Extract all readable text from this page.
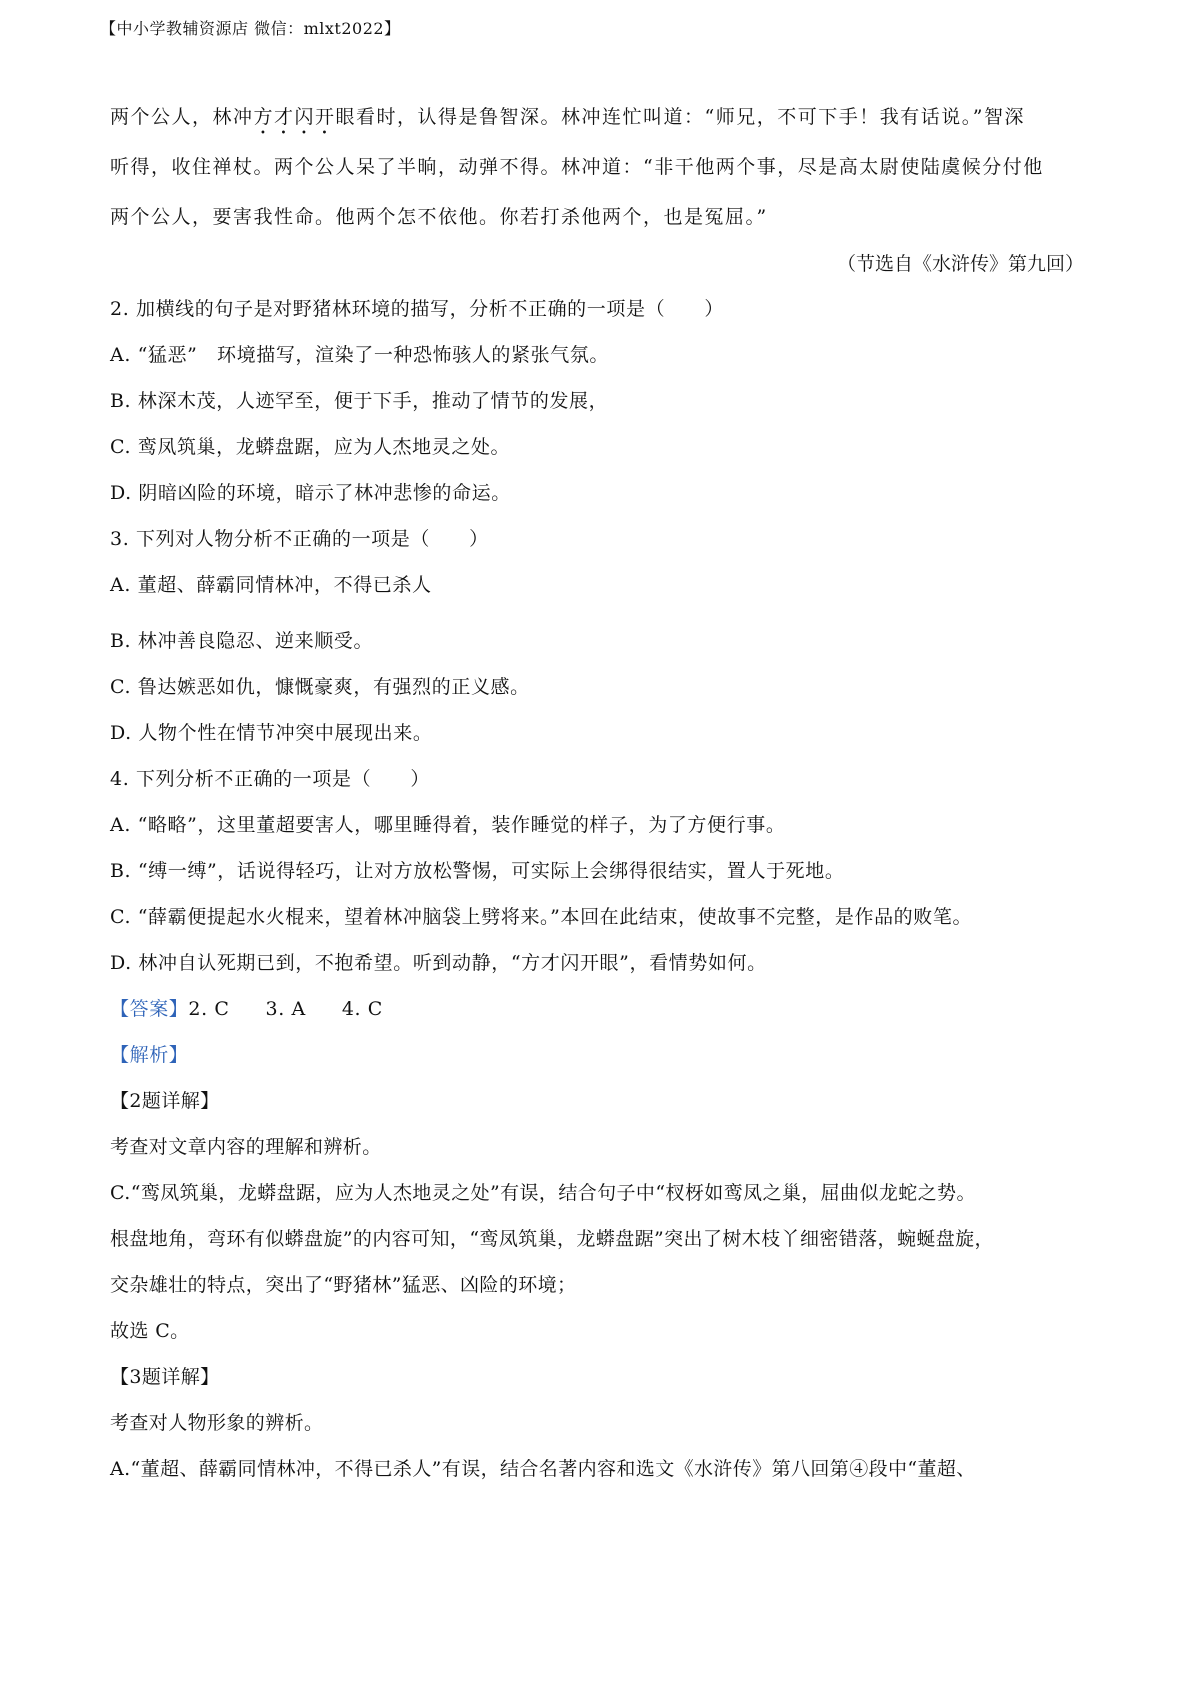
【中小学教辅资源店 微信：mlxt2022】

两个公人，林冲方才闪开眼看时，认得是鲁智深。林冲连忙叫道：“师兄，不可下手！我有话说。”智深

听得，收住禅杖。两个公人呆了半晌，动弹不得。林冲道：“非干他两个事，尽是高太尉使陆虞候分付他

两个公人，要害我性命。他两个怎不依他。你若打杀他两个，也是冤屈。”

（节选自《水浒传》第九回）

2. 加横线的句子是对野猪林环境的描写，分析不正确的一项是（　　）

A. “猛恶”　环境描写，渲染了一种恐怖骇人的紧张气氛。

B. 林深木茂，人迹罕至，便于下手，推动了情节的发展，

C. 鸾凤筑巢，龙蟒盘踞，应为人杰地灵之处。

D. 阴暗凶险的环境，暗示了林冲悲惨的命运。

3. 下列对人物分析不正确的一项是（　　）

A. 董超、薛霸同情林冲，不得已杀人

B. 林冲善良隐忍、逆来顺受。

C. 鲁达嫉恶如仇，慷慨豪爽，有强烈的正义感。

D. 人物个性在情节冲突中展现出来。

4. 下列分析不正确的一项是（　　）

A. “略略”，这里董超要害人，哪里睡得着，装作睡觉的样子，为了方便行事。

B. “缚一缚”，话说得轻巧，让对方放松警惕，可实际上会绑得很结实，置人于死地。

C. “薛霸便提起水火棍来，望着林冲脑袋上劈将来。”本回在此结束，使故事不完整，是作品的败笔。

D. 林冲自认死期已到，不抱希望。听到动静，“方才闪开眼”，看情势如何。

【答案】2. C 3. A 4. C

【解析】

【2题详解】

考查对文章内容的理解和辨析。

C.“鸾凤筑巢，龙蟒盘踞，应为人杰地灵之处”有误，结合句子中“杈枒如鸾凤之巢，屈曲似龙蛇之势。

根盘地角，弯环有似蟒盘旋”的内容可知，“鸾凤筑巢，龙蟒盘踞”突出了树木枝丫细密错落，蜿蜒盘旋，

交杂雄壮的特点，突出了“野猪林”猛恶、凶险的环境；

故选 C。

【3题详解】

考查对人物形象的辨析。

A.“董超、薛霸同情林冲，不得已杀人”有误，结合名著内容和选文《水浒传》第八回第④段中“董超、
